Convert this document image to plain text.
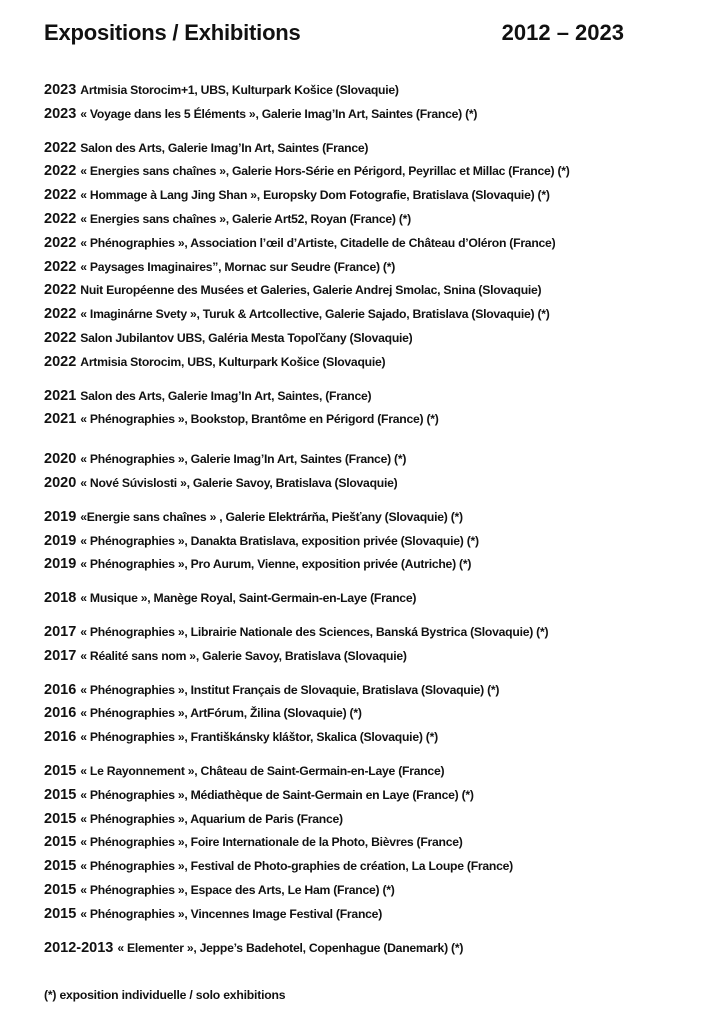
Expositions / Exhibitions	2012 – 2023
2023 Artmisia Storocim+1, UBS, Kulturpark Košice (Slovaquie)
2023 « Voyage dans les 5 Éléments », Galerie Imag’In Art, Saintes (France) (*)
2022 Salon des Arts, Galerie Imag’In Art, Saintes (France)
2022 « Energies sans chaînes », Galerie Hors-Série en Périgord, Peyrillac et Millac (France) (*)
2022 « Hommage à Lang Jing Shan », Europsky Dom Fotografie, Bratislava (Slovaquie) (*)
2022 « Energies sans chaînes », Galerie Art52, Royan (France) (*)
2022 « Phénographies », Association l’œil d’Artiste, Citadelle de Château d’Oléron (France)
2022 « Paysages Imaginaires”, Mornac sur Seudre (France) (*)
2022 Nuit Européenne des Musées et Galeries, Galerie Andrej Smolac, Snina (Slovaquie)
2022 « Imaginárne Svety », Turuk & Artcollective, Galerie Sajado, Bratislava (Slovaquie) (*)
2022 Salon Jubilantov UBS, Galéria Mesta Topoľčany (Slovaquie)
2022 Artmisia Storocim, UBS, Kulturpark Košice (Slovaquie)
2021 Salon des Arts, Galerie Imag’In Art, Saintes, (France)
2021 « Phénographies », Bookstop, Brantôme en Périgord (France) (*)
2020 « Phénographies », Galerie Imag’In Art, Saintes (France) (*)
2020 « Nové Súvislosti », Galerie Savoy, Bratislava (Slovaquie)
2019 «Energie sans chaînes » , Galerie Elektrárňa, Piešťany (Slovaquie) (*)
2019 « Phénographies », Danakta Bratislava, exposition privée (Slovaquie) (*)
2019 « Phénographies », Pro Aurum, Vienne, exposition privée (Autriche) (*)
2018 « Musique », Manège Royal, Saint-Germain-en-Laye (France)
2017 « Phénographies », Librairie Nationale des Sciences, Banská Bystrica (Slovaquie) (*)
2017 « Réalité sans nom », Galerie Savoy, Bratislava (Slovaquie)
2016 « Phénographies », Institut Français de Slovaquie, Bratislava (Slovaquie) (*)
2016 « Phénographies », ArtFórum, Žilina (Slovaquie) (*)
2016 « Phénographies », Františkánsky kláštor, Skalica (Slovaquie) (*)
2015 « Le Rayonnement », Château de Saint-Germain-en-Laye (France)
2015 « Phénographies », Médiathèque de Saint-Germain en Laye (France) (*)
2015 « Phénographies », Aquarium de Paris (France)
2015 « Phénographies », Foire Internationale de la Photo, Bièvres (France)
2015 « Phénographies », Festival de Photo-graphies de création, La Loupe (France)
2015 « Phénographies », Espace des Arts, Le Ham (France) (*)
2015 « Phénographies », Vincennes Image Festival (France)
2012-2013 « Elementer », Jeppe’s Badehotel, Copenhague (Danemark) (*)
(*) exposition individuelle / solo exhibitions
